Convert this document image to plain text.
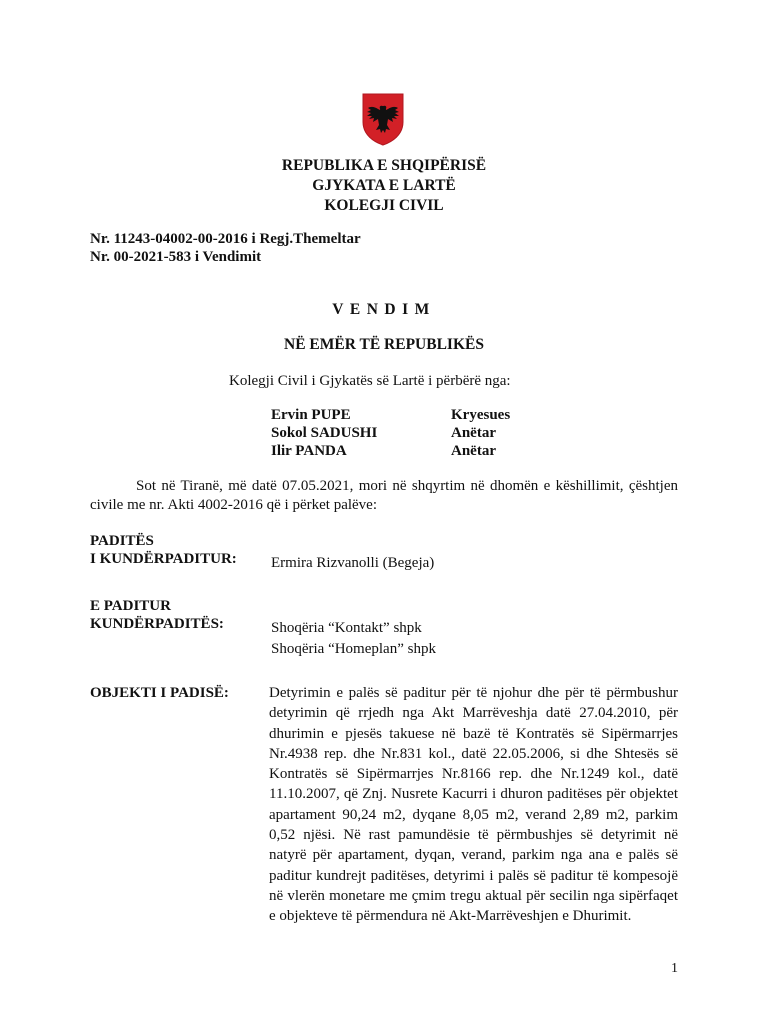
REPUBLIKA E SHQIPËRISË
GJYKATA E LARTË
KOLEGJI CIVIL
Nr. 11243-04002-00-2016 i Regj.Themeltar
Nr. 00-2021-583 i Vendimit
VENDIM
NË EMËR TË REPUBLIKËS
Kolegji Civil i Gjykatës së Lartë i përbërë nga:
Ervin PUPE	Kryesues
Sokol SADUSHI	Anëtar
Ilir PANDA	Anëtar
Sot në Tiranë, më datë 07.05.2021, mori në shqyrtim në dhomën e këshillimit, çështjen civile me nr. Akti 4002-2016 që i përket palëve:
PADITËS
I KUNDËRPADITUR: Ermira Rizvanolli (Begeja)
E PADITUR
KUNDËRPADITËS:	Shoqëria “Kontakt” shpk
Shoqëria “Homeplan” shpk
OBJEKTI I PADISË:	Detyrimin e palës së paditur për të njohur dhe për të përmbushur detyrimin që rrjedh nga Akt Marrëveshja datë 27.04.2010, për dhurimin e pjesës takuese në bazë të Kontratës së Sipërmarrjes Nr.4938 rep. dhe Nr.831 kol., datë 22.05.2006, si dhe Shtesës së Kontratës së Sipërmarrjes Nr.8166 rep. dhe Nr.1249 kol., datë 11.10.2007, që Znj. Nusrete Kacurri i dhuron paditëses për objektet apartament 90,24 m2, dyqane 8,05 m2, verand 2,89 m2, parkim 0,52 njësi. Në rast pamundësie të përmbushjes së detyrimit në natyrë për apartament, dyqan, verand, parkim nga ana e palës së paditur kundrejt paditëses, detyrimi i palës së paditur të kompesojë në vlerën monetare me çmim tregu aktual për secilin nga sipërfaqet e objekteve të përmendura në Akt-Marrëveshjen e Dhurimit.
1
